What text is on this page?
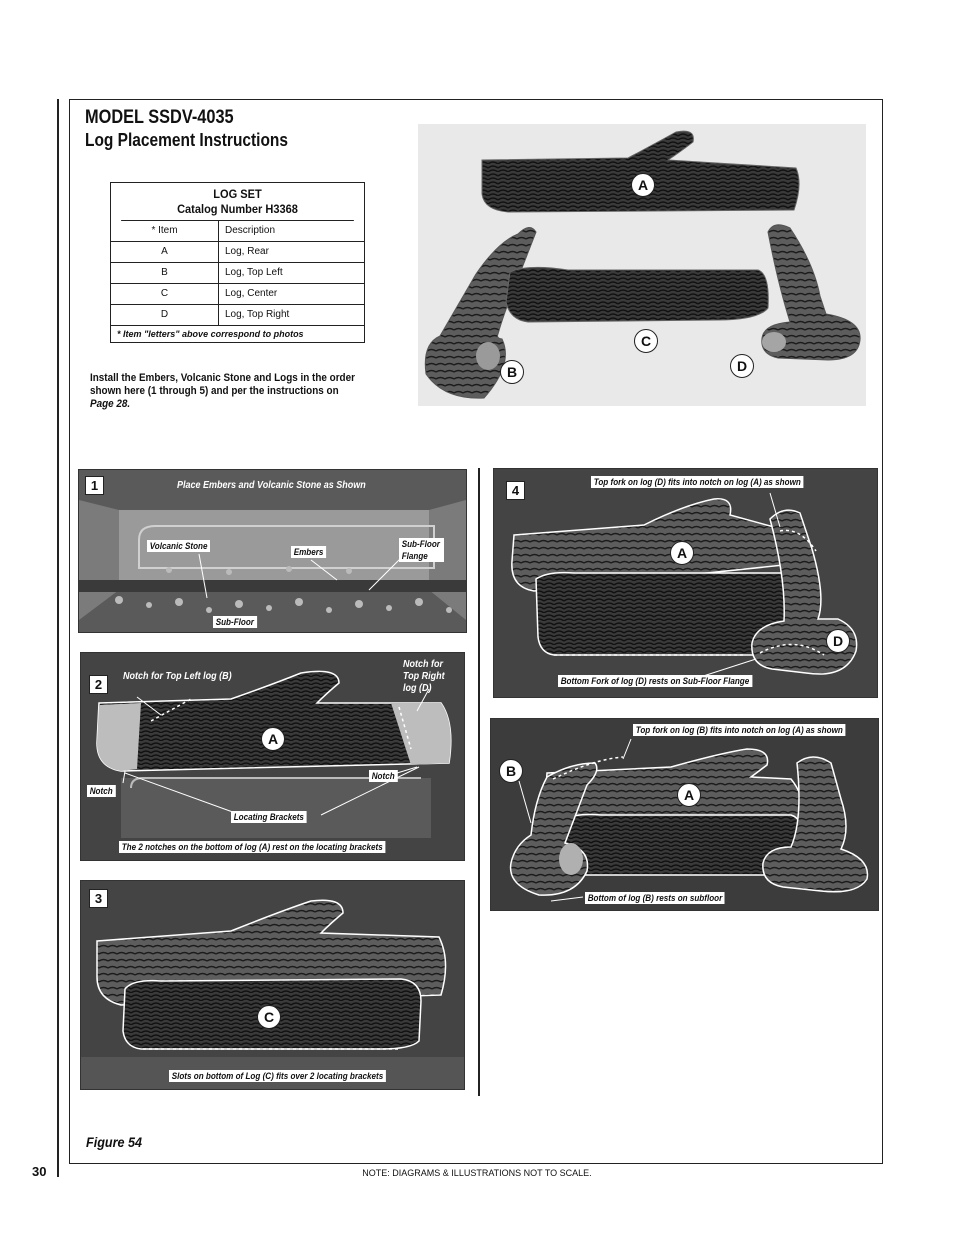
MODEL SSDV-4035
Log Placement Instructions
LOG SET
Catalog Number H3368
* Item	Description
A	Log, Rear
B	Log, Top Left
C	Log, Center
D	Log, Top Right
* Item "letters" above correspond to photos
Install the Embers, Volcanic Stone and Logs in the order shown here (1 through 5) and per the instructions on Page 28.
A
B
C
D
1	Place Embers and Volcanic Stone as Shown
Volcanic Stone
Embers
Sub-Floor Flange
Sub-Floor
2
Notch for Top Left log (B)
Notch for Top Right log (D)
A
Notch
Notch
Locating Brackets
The 2 notches on the bottom of log (A) rest on the locating brackets
3
C
Slots on bottom of Log (C) fits over 2 locating brackets
4
Top fork on log (D) fits into notch on log (A) as shown
A
D
Bottom Fork of log (D) rests on Sub-Floor Flange
Top fork on log (B) fits into notch on log (A) as shown
B
A
Bottom of log (B) rests on subfloor
Figure 54
30	NOTE: DIAGRAMS & ILLUSTRATIONS NOT TO SCALE.
